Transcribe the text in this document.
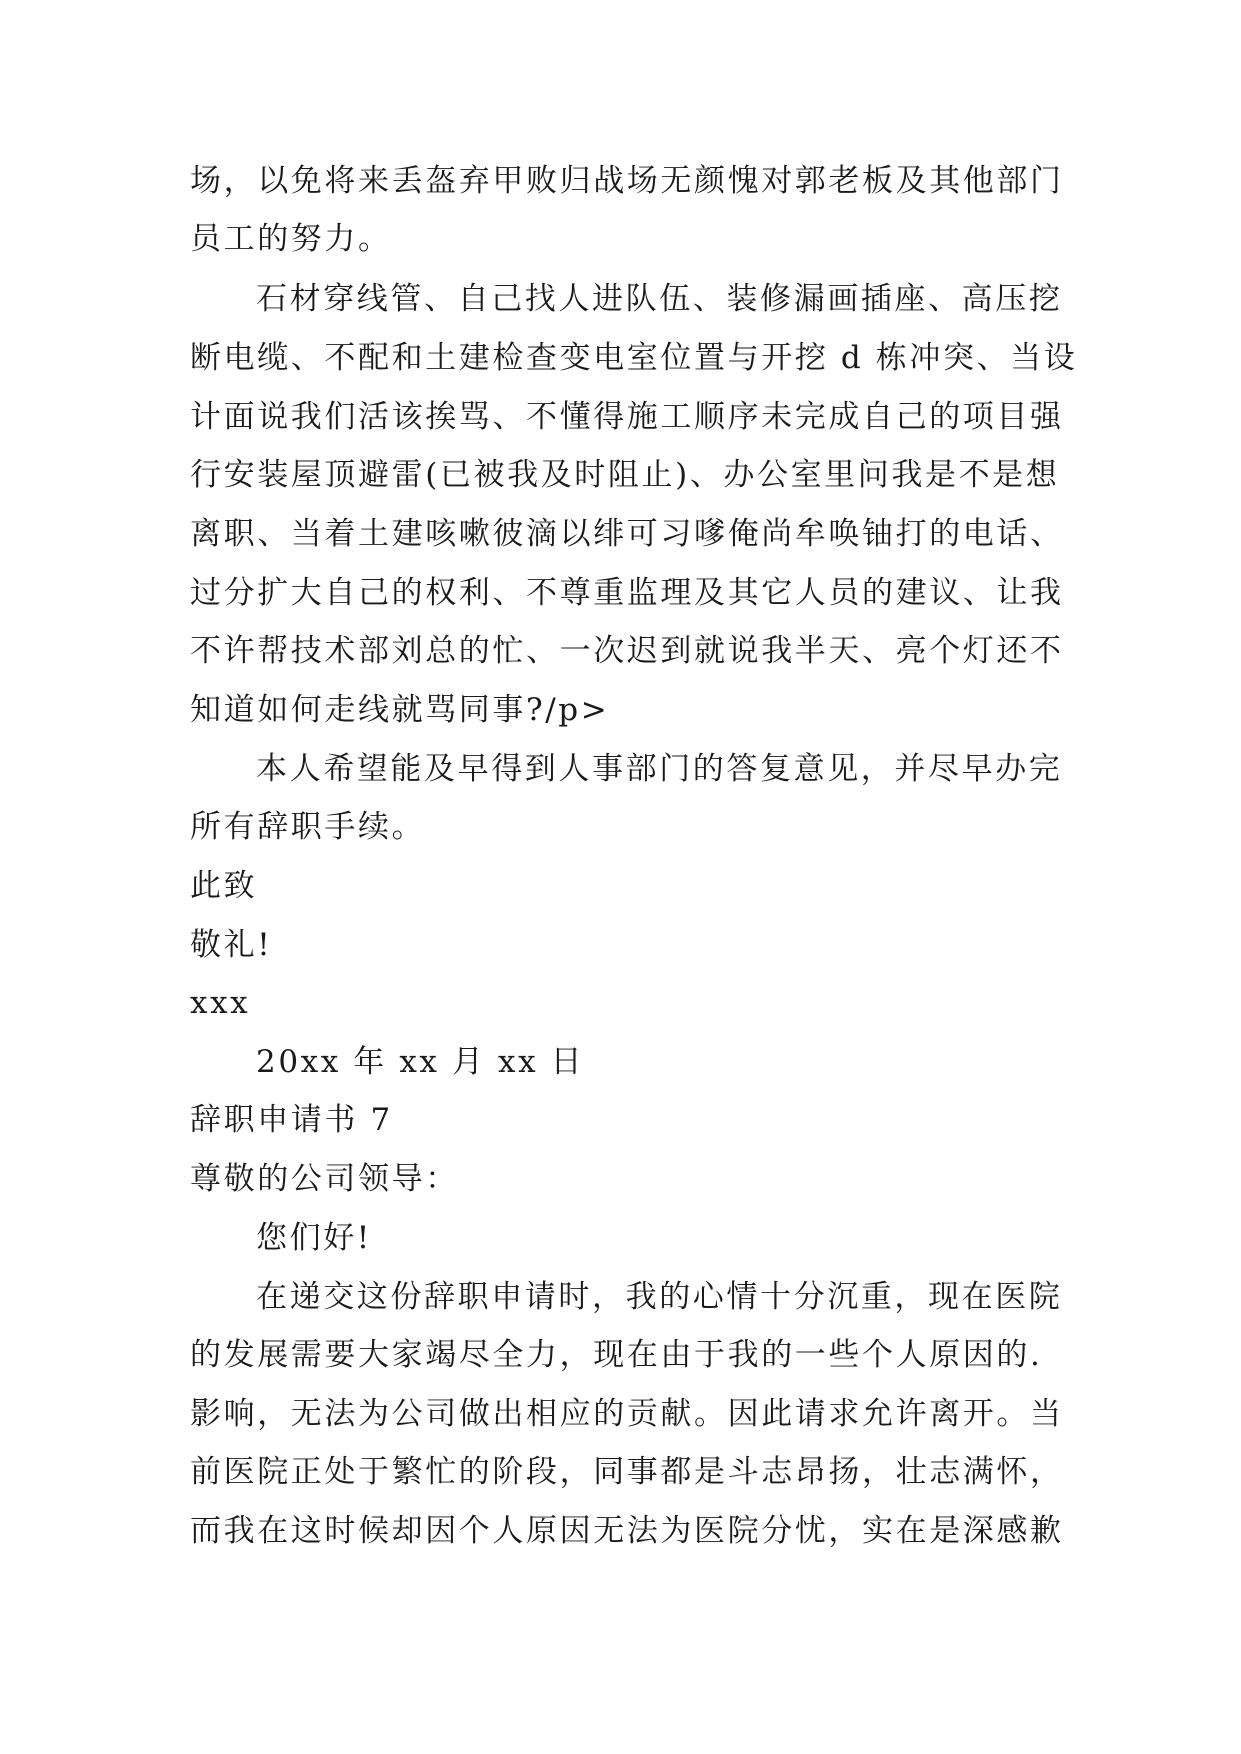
场，以免将来丢盔弃甲败归战场无颜愧对郭老板及其他部门

员工的努力。

石材穿线管、自己找人进队伍、装修漏画插座、高压挖

断电缆、不配和土建检查变电室位置与开挖 d 栋冲突、当设

计面说我们活该挨骂、不懂得施工顺序未完成自己的项目强

行安装屋顶避雷(已被我及时阻止)、办公室里问我是不是想

离职、当着土建咳嗽彼滴以绯可习嗲俺尚牟唤铀打的电话、

过分扩大自己的权利、不尊重监理及其它人员的建议、让我

不许帮技术部刘总的忙、一次迟到就说我半天、亮个灯还不

知道如何走线就骂同事?/p>

本人希望能及早得到人事部门的答复意见，并尽早办完

所有辞职手续。

此致

敬礼!

xxx

20xx 年 xx 月 xx 日

辞职申请书 7

尊敬的公司领导：

您们好!

在递交这份辞职申请时，我的心情十分沉重，现在医院

的发展需要大家竭尽全力，现在由于我的一些个人原因的.

影响，无法为公司做出相应的贡献。因此请求允许离开。当

前医院正处于繁忙的阶段，同事都是斗志昂扬，壮志满怀，

而我在这时候却因个人原因无法为医院分忧，实在是深感歉
